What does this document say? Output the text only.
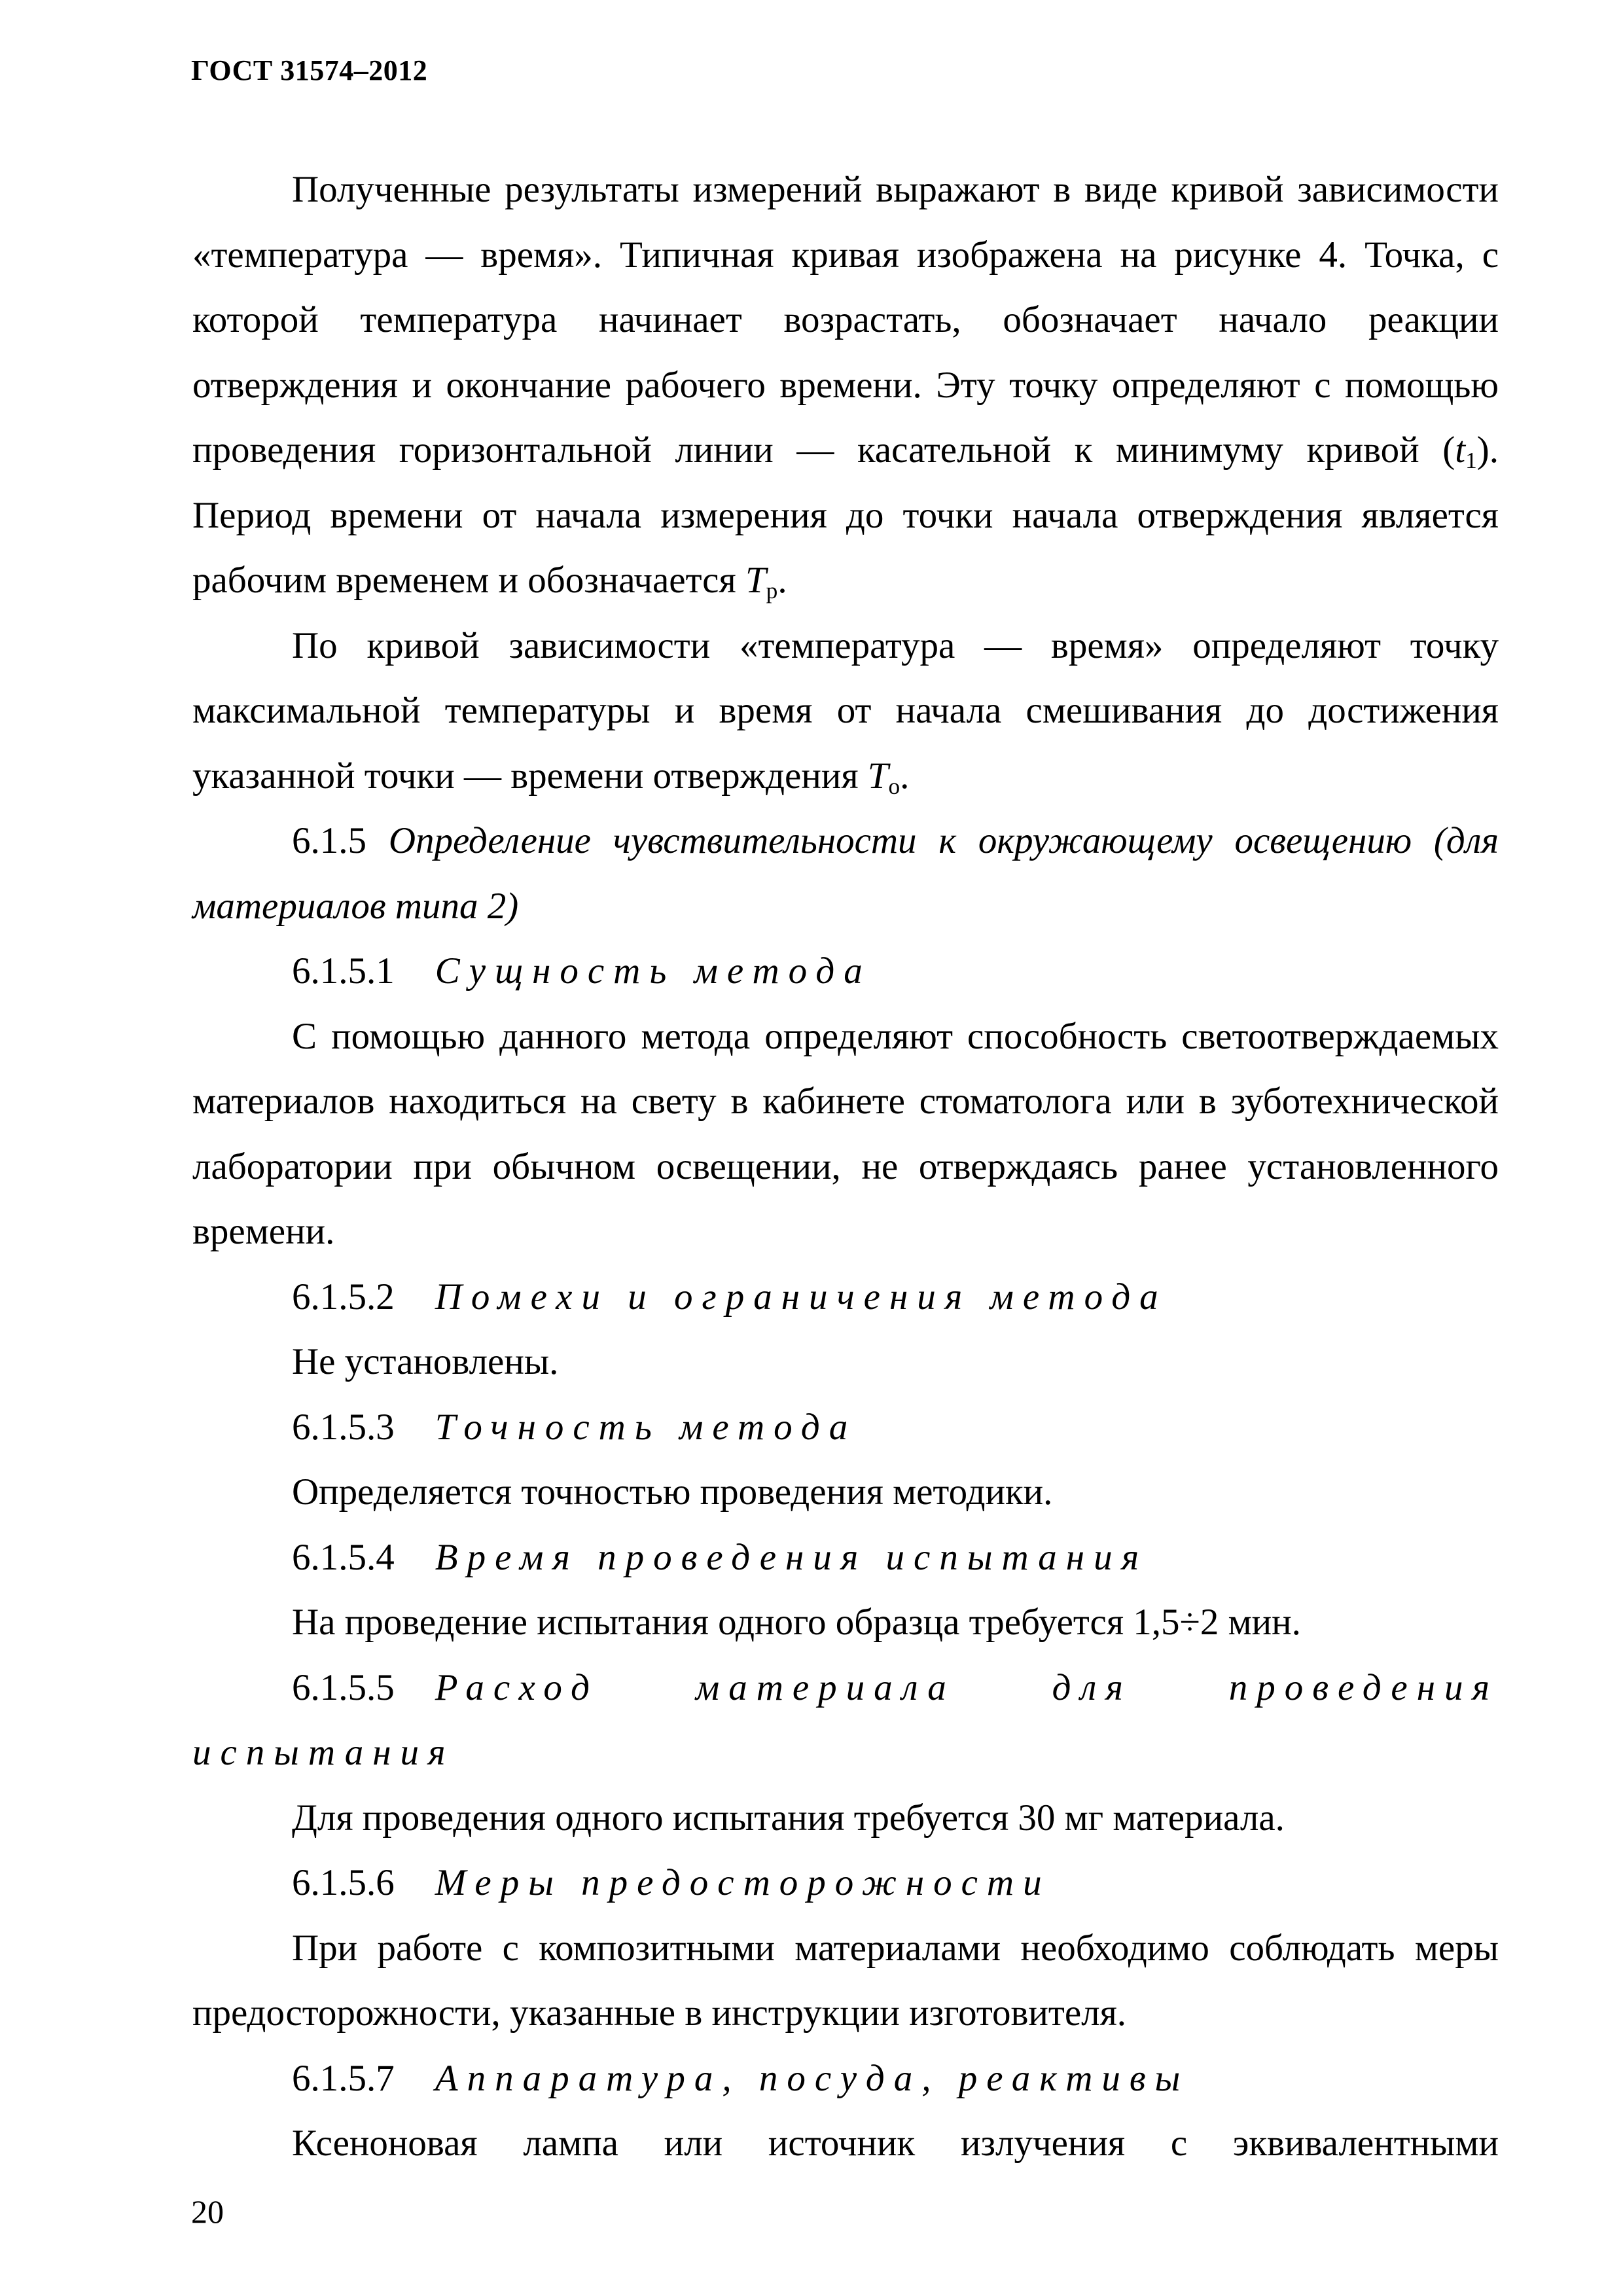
ГОСТ 31574–2012

Полученные результаты измерений выражают в виде кривой зависимости «температура — время». Типичная кривая изображена на рисунке 4. Точка, с которой температура начинает возрастать, обозначает начало реакции отверждения и окончание рабочего времени. Эту точку определяют с помощью проведения горизонтальной линии — касательной к минимуму кривой $(t_1)$. Период времени от начала измерения до точки начала отверждения является рабочим временем и обозначается $T_р$.

По кривой зависимости «температура — время» определяют точку максимальной температуры и время от начала смешивания до достижения указанной точки — времени отверждения $T_о$.

6.1.5 Определение чувствительности к окружающему освещению (для материалов типа 2)

6.1.5.1 Сущность метода

С помощью данного метода определяют способность светоотверждаемых материалов находиться на свету в кабинете стоматолога или в зуботехнической лаборатории при обычном освещении, не отверждаясь ранее установленного времени.

6.1.5.2 Помехи и ограничения метода

Не установлены.

6.1.5.3 Точность метода

Определяется точностью проведения методики.

6.1.5.4 Время проведения испытания

На проведение испытания одного образца требуется 1,5÷2 мин.

6.1.5.5 Расход материала для проведения испытания

Для проведения одного испытания требуется 30 мг материала.

6.1.5.6 Меры предосторожности

При работе с композитными материалами необходимо соблюдать меры предосторожности, указанные в инструкции изготовителя.

6.1.5.7 Аппаратура, посуда, реактивы

Ксеноновая лампа или источник излучения с эквивалентными

20
